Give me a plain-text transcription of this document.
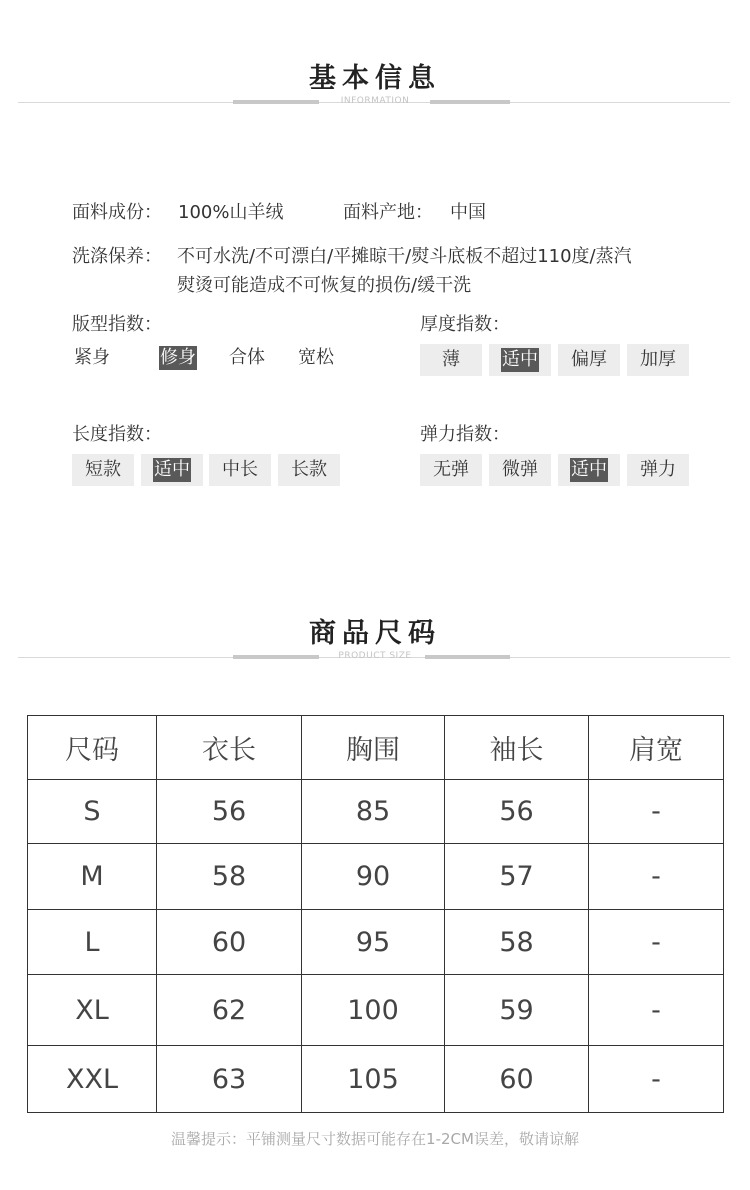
基本信息
INFORMATION
面料成份： 100%山羊绒	面料产地： 中国
洗涤保养： 不可水洗/不可漂白/平摊晾干/熨斗底板不超过110度/蒸汽
熨烫可能造成不可恢复的损伤/缓干洗
版型指数：
紧身	修身	合体	宽松
厚度指数：
薄	适中	偏厚	加厚
长度指数：
短款	适中	中长	长款
弹力指数：
无弹	微弹	适中	弹力
商品尺码
PRODUCT SIZE
尺码	衣长	胸围	袖长	肩宽
S	56	85	56	-
M	58	90	57	-
L	60	95	58	-
XL	62	100	59	-
XXL	63	105	60	-
温馨提示：平铺测量尺寸数据可能存在1-2CM误差，敬请谅解
